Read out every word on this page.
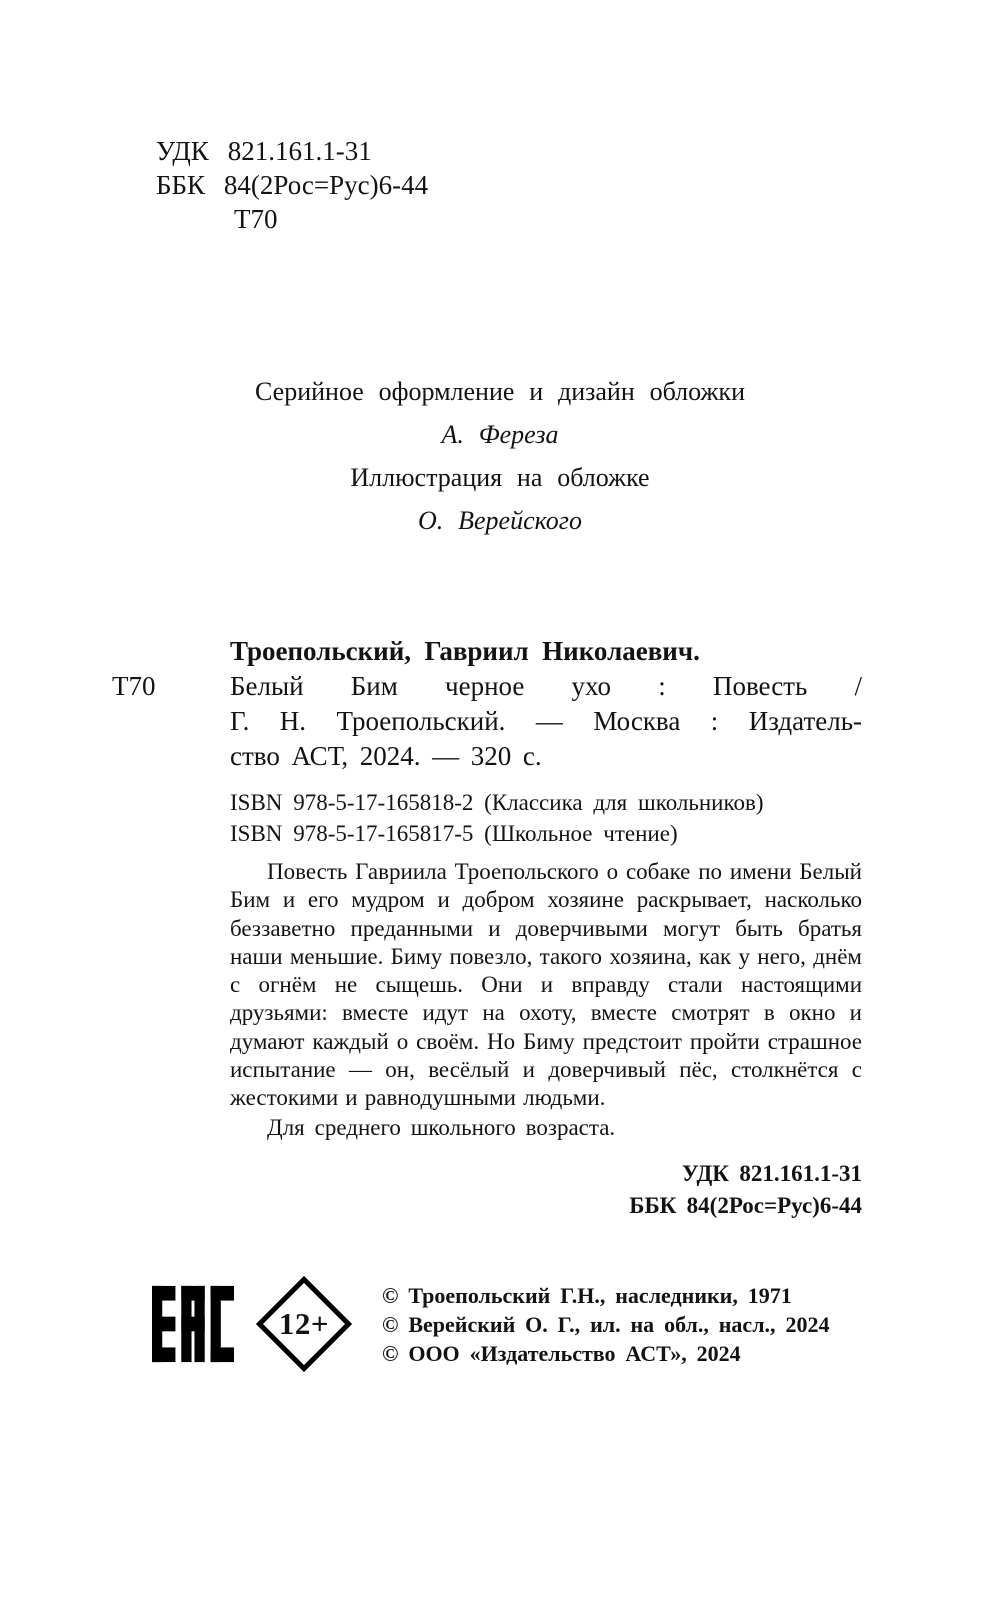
УДК 821.161.1-31
ББК 84(2Рос=Рус)6-44
Т70
Серийное оформление и дизайн обложки
А. Фереза
Иллюстрация на обложке
О. Верейского
Т70
Троепольский, Гавриил Николаевич.
Белый Бим черное ухо : Повесть /
Г. Н. Троепольский. — Москва : Издатель-
ство АСТ, 2024. — 320 с.
ISBN 978-5-17-165818-2 (Классика для школьников)
ISBN 978-5-17-165817-5 (Школьное чтение)

Повесть Гавриила Троепольского о собаке по имени Белый Бим и его мудром и добром хозяине раскрывает, насколько беззаветно преданными и доверчивыми могут быть братья наши меньшие. Биму повезло, такого хозяина, как у него, днём с огнём не сыщешь. Они и вправду стали настоящими друзьями: вместе идут на охоту, вместе смотрят в окно и думают каждый о своём. Но Биму предстоит пройти страшное испытание — он, весёлый и доверчивый пёс, столкнётся с жестокими и равнодушными людьми.

Для среднего школьного возраста.

УДК 821.161.1-31
ББК 84(2Рос=Рус)6-44
12+
© Троепольский Г.Н., наследники, 1971
© Верейский О. Г., ил. на обл., насл., 2024
© ООО «Издательство АСТ», 2024
